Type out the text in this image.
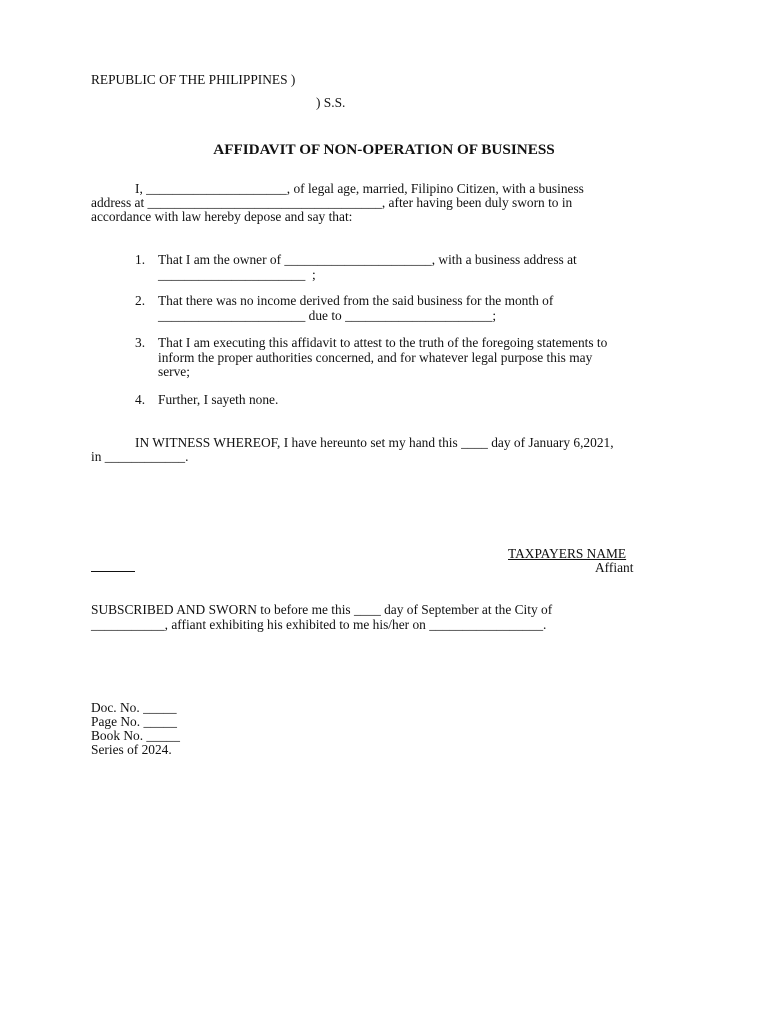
REPUBLIC OF THE PHILIPPINES )
) S.S.
AFFIDAVIT OF NON-OPERATION OF BUSINESS
I, _____________________, of legal age, married, Filipino Citizen, with a business
address at ___________________________________, after having been duly sworn to in
accordance with law hereby depose and say that:
1. That I am the owner of ______________________, with a business address at
______________________  ;
2. That there was no income derived from the said business for the month of
______________________ due to ______________________;
3. That I am executing this affidavit to attest to the truth of the foregoing statements to
inform the proper authorities concerned, and for whatever legal purpose this may
serve;
4. Further, I sayeth none.
IN WITNESS WHEREOF, I have hereunto set my hand this ____ day of January 6,2021,
in ____________.
TAXPAYERS NAME
Affiant
SUBSCRIBED AND SWORN to before me this ____ day of September at the City of
___________, affiant exhibiting his exhibited to me his/her on _________________.
Doc. No. _____
Page No. _____
Book No. _____
Series of 2024.
